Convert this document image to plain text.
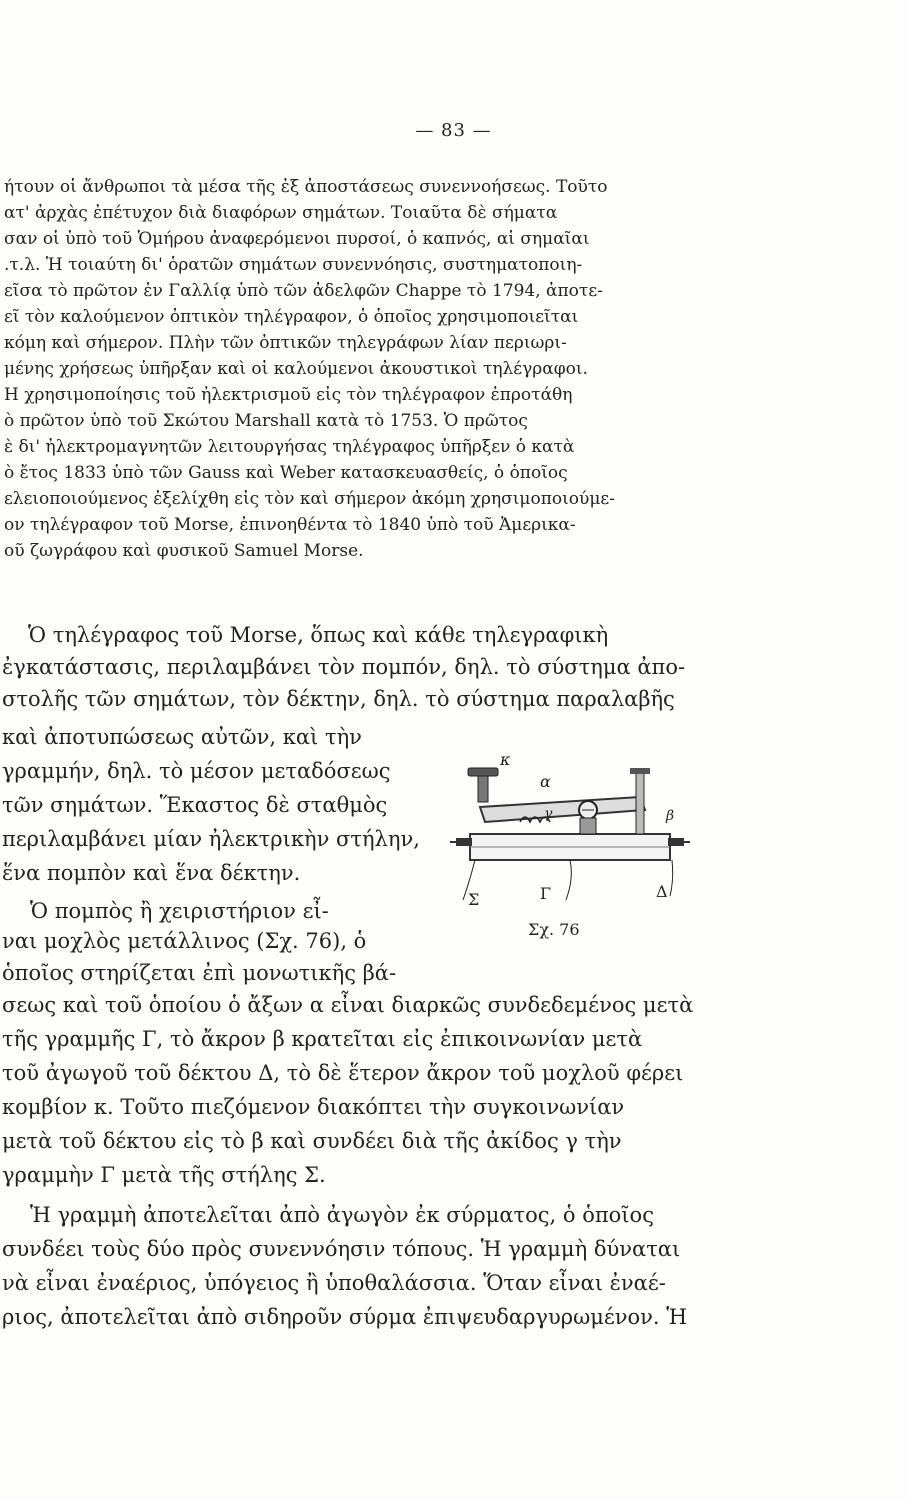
— 83 —
ήτουν οἱ ἄνθρωποι τὰ μέσα τῆς ἐξ ἀποστάσεως συνεννοήσεως. Τοῦτο
ατ' ἀρχὰς ἐπέτυχον διὰ διαφόρων σημάτων. Τοιαῦτα δὲ σήματα
σαν οἱ ὑπὸ τοῦ Ὁμήρου ἀναφερόμενοι πυρσοί, ὁ καπνός, αἱ σημαῖαι
.τ.λ. Ἡ τοιαύτη δι' ὁρατῶν σημάτων συνεννόησις, συστηματοποιη-
εῖσα τὸ πρῶτον ἐν Γαλλίᾳ ὑπὸ τῶν ἀδελφῶν Chappe τὸ 1794, ἀποτε-
εῖ τὸν καλούμενον ὀπτικὸν τηλέγραφον, ὁ ὁποῖος χρησιμοποιεῖται
κόμη καὶ σήμερον. Πλὴν τῶν ὀπτικῶν τηλεγράφων λίαν περιωρι-
μένης χρήσεως ὑπῆρξαν καὶ οἱ καλούμενοι ἀκουστικοὶ τηλέγραφοι.
Η χρησιμοποίησις τοῦ ἠλεκτρισμοῦ εἰς τὸν τηλέγραφον ἐπροτάθη
ὸ πρῶτον ὑπὸ τοῦ Σκώτου Marshall κατὰ τὸ 1753. Ὁ πρῶτος
ὲ δι' ἠλεκτρομαγνητῶν λειτουργήσας τηλέγραφος ὑπῆρξεν ὁ κατὰ
ὸ ἔτος 1833 ὑπὸ τῶν Gauss καὶ Weber κατασκευασθείς, ὁ ὁποῖος
ελειοποιούμενος ἐξελίχθη εἰς τὸν καὶ σήμερον ἀκόμη χρησιμοποιούμε-
ον τηλέγραφον τοῦ Morse, ἐπινοηθέντα τὸ 1840 ὑπὸ τοῦ Ἀμερικα-
οῦ ζωγράφου καὶ φυσικοῦ Samuel Morse.
Ὁ τηλέγραφος τοῦ Morse, ὅπως καὶ κάθε τηλεγραφικὴ
ἐγκατάστασις, περιλαμβάνει τὸν πομπόν, δηλ. τὸ σύστημα ἀπο-
στολῆς τῶν σημάτων, τὸν δέκτην, δηλ. τὸ σύστημα παραλαβῆς
καὶ ἀποτυπώσεως αὐτῶν, καὶ τὴν
γραμμήν, δηλ. τὸ μέσον μεταδόσεως
τῶν σημάτων. Ἕκαστος δὲ σταθμὸς
περιλαμβάνει μίαν ἠλεκτρικὴν στήλην,
ἕνα πομπὸν καὶ ἕνα δέκτην.
Ὁ πομπὸς ἢ χειριστήριον εἶ-
ναι μοχλὸς μετάλλινος (Σχ. 76), ὁ
ὁποῖος στηρίζεται ἐπὶ μονωτικῆς βά-
σεως καὶ τοῦ ὁποίου ὁ ἄξων α εἶναι διαρκῶς συνδεδεμένος μετὰ
τῆς γραμμῆς Γ, τὸ ἄκρον β κρατεῖται εἰς ἐπικοινωνίαν μετὰ
τοῦ ἀγωγοῦ τοῦ δέκτου Δ, τὸ δὲ ἕτερον ἄκρον τοῦ μοχλοῦ φέρει
κομβίον κ. Τοῦτο πιεζόμενον διακόπτει τὴν συγκοινωνίαν
μετὰ τοῦ δέκτου εἰς τὸ β καὶ συνδέει διὰ τῆς ἀκίδος γ τὴν
γραμμὴν Γ μετὰ τῆς στήλης Σ.
Ἡ γραμμὴ ἀποτελεῖται ἀπὸ ἀγωγὸν ἐκ σύρματος, ὁ ὁποῖος
συνδέει τοὺς δύο πρὸς συνεννόησιν τόπους. Ἡ γραμμὴ δύναται
νὰ εἶναι ἐναέριος, ὑπόγειος ἢ ὑποθαλάσσια. Ὅταν εἶναι ἐναέ-
ριος, ἀποτελεῖται ἀπὸ σιδηροῦν σύρμα ἐπιψευδαργυρωμένον. Ἡ
κ
α
β
γ
Σ	Γ	Δ
Σχ. 76
